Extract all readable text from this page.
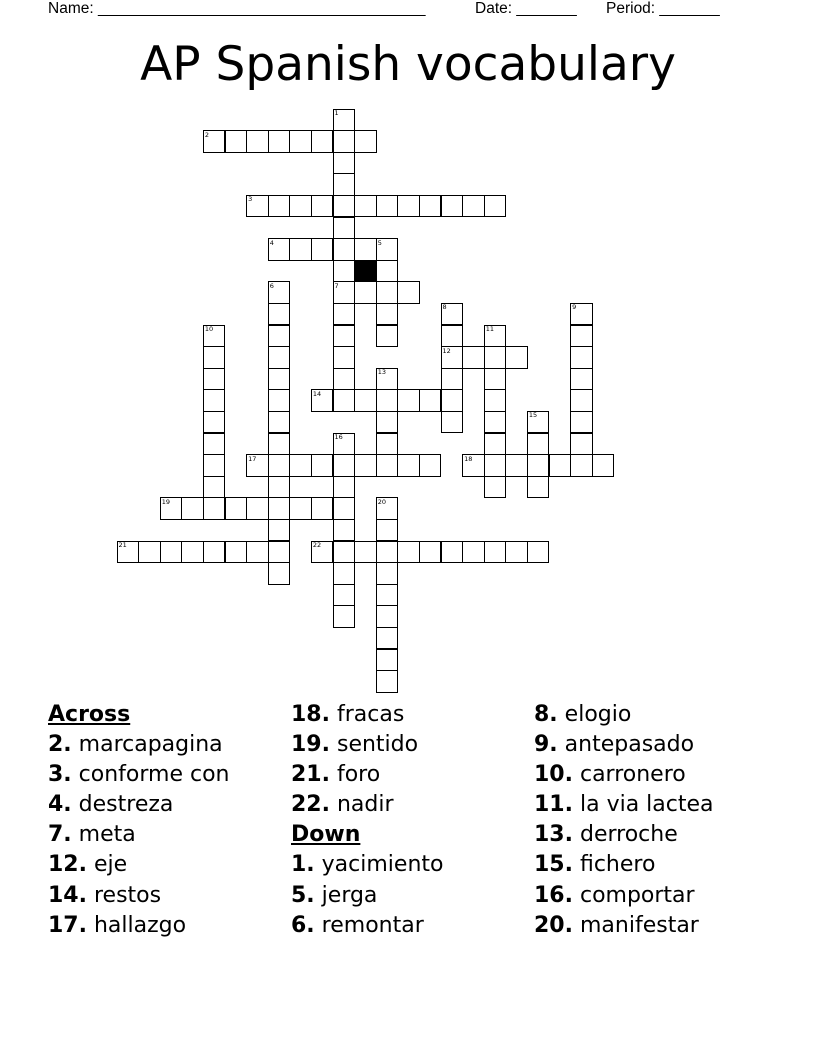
Name: ______________________________________	Date: _______ Period: _______
AP Spanish vocabulary
2
3
4
7
12
14
17	18
19
21	22
1
5
6
8	9
10	11
13
15
16
20
Across
2. marcapagina
3. conforme con
4. destreza
7. meta
12. eje
14. restos
17. hallazgo
18. fracas
19. sentido
21. foro
22. nadir
Down
1. yacimiento
5. jerga
6. remontar
8. elogio
9. antepasado
10. carronero
11. la via lactea
13. derroche
15. fichero
16. comportar
20. manifestar
